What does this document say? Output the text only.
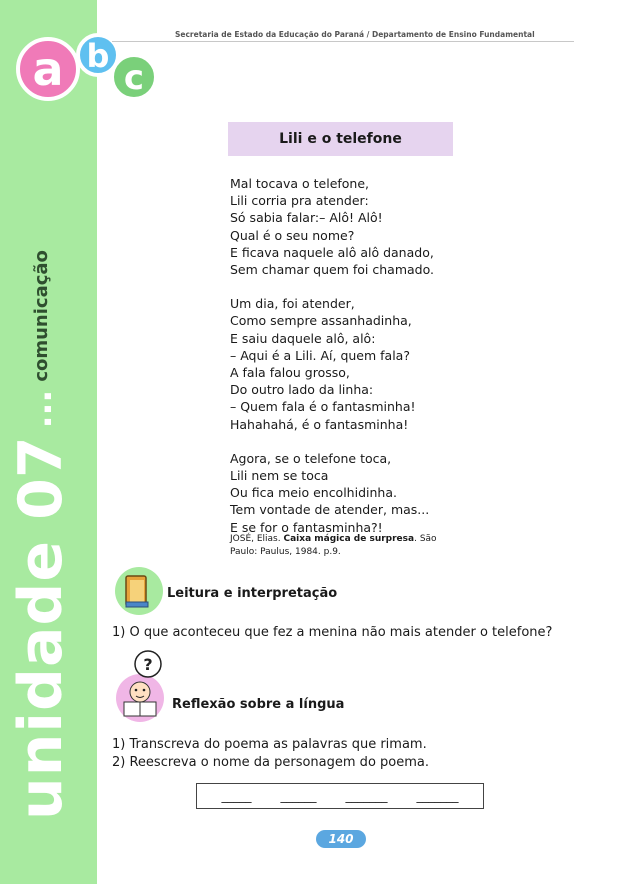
a b
c
unidade07...comunicação
Secretaria de Estado da Educação do Paraná / Departamento de Ensino Fundamental
Lili e o telefone
Mal tocava o telefone,
Lili corria pra atender:
Só sabia falar:– Alô! Alô!
Qual é o seu nome?
E ficava naquele alô alô danado,
Sem chamar quem foi chamado.
Um dia, foi atender,
Como sempre assanhadinha,
E saiu daquele alô, alô:
– Aqui é a Lili. Aí, quem fala?
A fala falou grosso,
Do outro lado da linha:
– Quem fala é o fantasminha!
Hahahahá, é o fantasminha!
Agora, se o telefone toca,
Lili nem se toca
Ou fica meio encolhidinha.
Tem vontade de atender, mas...
E se for o fantasminha?!
JOSÉ, Elias. Caixa mágica de surpresa. São
Paulo: Paulus, 1984. p.9.
Leitura e interpretação
1) O que aconteceu que fez a menina não mais atender o telefone?
?
Reflexão sobre a língua
1) Transcreva do poema as palavras que rimam.
2) Reescreva o nome da personagem do poema.
_____ ______ _______ _______
140
